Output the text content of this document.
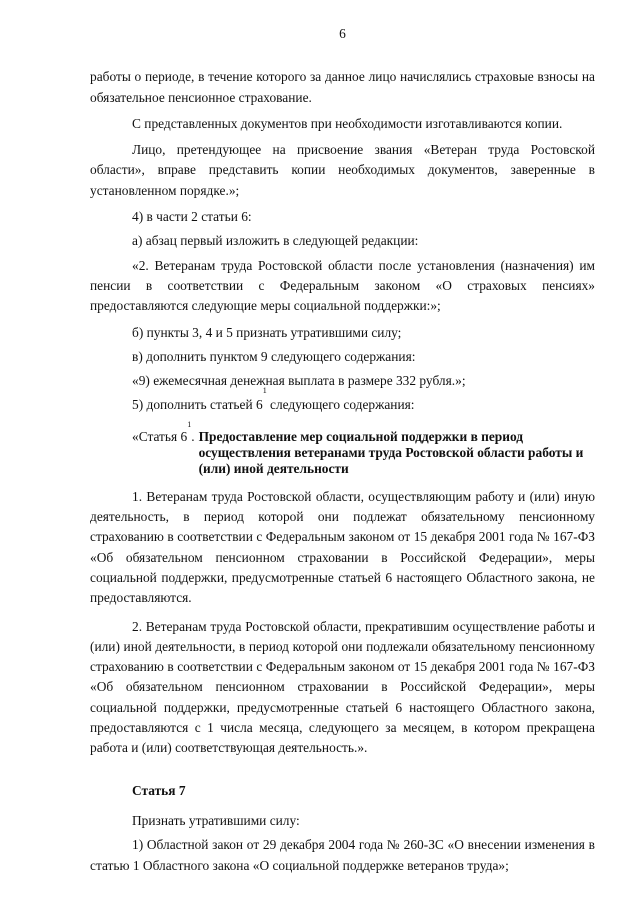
6

работы о периоде, в течение которого за данное лицо начислялись страховые взносы на обязательное пенсионное страхование.

С представленных документов при необходимости изготавливаются копии.

Лицо, претендующее на присвоение звания «Ветеран труда Ростовской области», вправе представить копии необходимых документов, заверенные в установленном порядке.»;

4) в части 2 статьи 6:

а) абзац первый изложить в следующей редакции:

«2. Ветеранам труда Ростовской области после установления (назначения) им пенсии в соответствии с Федеральным законом «О страховых пенсиях» предоставляются следующие меры социальной поддержки:»;

б) пункты 3, 4 и 5 признать утратившими силу;

в) дополнить пунктом 9 следующего содержания:

«9) ежемесячная денежная выплата в размере 332 рубля.»;

5) дополнить статьей $6^1$ следующего содержания:

«Статья $6^1$. Предоставление мер социальной поддержки в период осуществления ветеранами труда Ростовской области работы и (или) иной деятельности

1. Ветеранам труда Ростовской области, осуществляющим работу и (или) иную деятельность, в период которой они подлежат обязательному пенсионному страхованию в соответствии с Федеральным законом от 15 декабря 2001 года № 167-ФЗ «Об обязательном пенсионном страховании в Российской Федерации», меры социальной поддержки, предусмотренные статьей 6 настоящего Областного закона, не предоставляются.

2. Ветеранам труда Ростовской области, прекратившим осуществление работы и (или) иной деятельности, в период которой они подлежали обязательному пенсионному страхованию в соответствии с Федеральным законом от 15 декабря 2001 года № 167-ФЗ «Об обязательном пенсионном страховании в Российской Федерации», меры социальной поддержки, предусмотренные статьей 6 настоящего Областного закона, предоставляются с 1 числа месяца, следующего за месяцем, в котором прекращена работа и (или) соответствующая деятельность.».

Статья 7

Признать утратившими силу:

1) Областной закон от 29 декабря 2004 года № 260-ЗС «О внесении изменения в статью 1 Областного закона «О социальной поддержке ветеранов труда»;
